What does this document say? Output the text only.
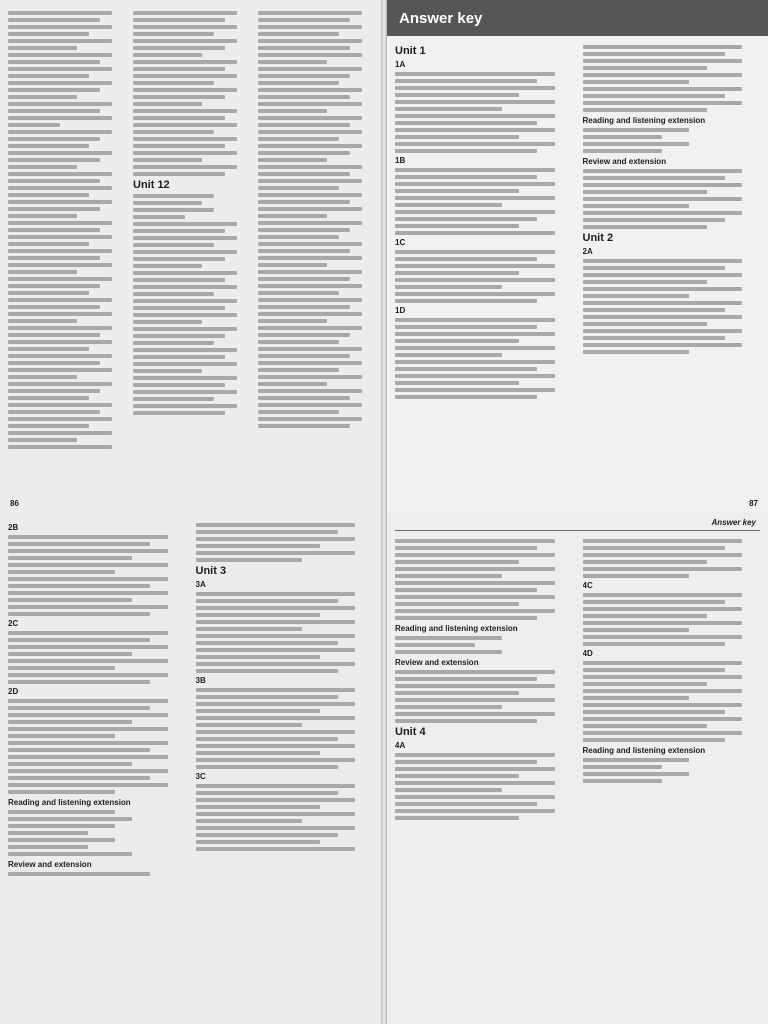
Unit 12
86
Answer key
Unit 1
1A
1B
1C
1D
Reading and listening extension
Review and extension
Unit 2
2A
87
2B
2C
2D
Reading and listening extension
Review and extension
Unit 3
3A
3B
3C
Answer key
Reading and listening extension
Review and extension
Unit 4
4A
4C
4D
Reading and listening extension
